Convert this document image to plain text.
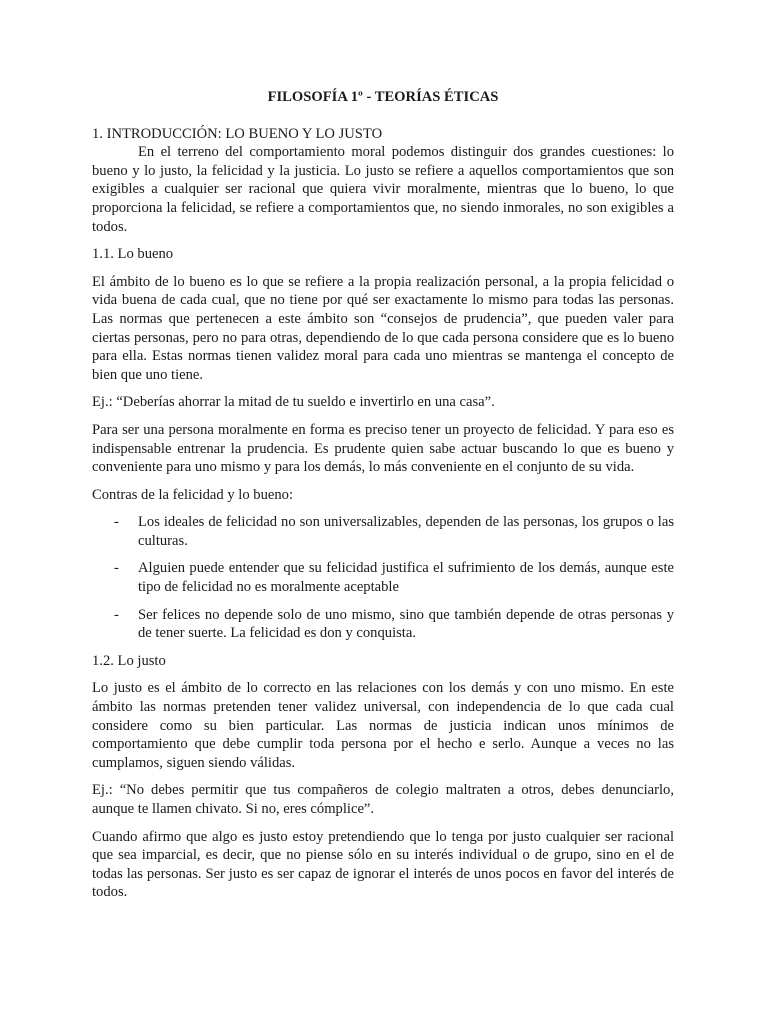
FILOSOFÍA 1º - TEORÍAS ÉTICAS
1. INTRODUCCIÓN: LO BUENO Y LO JUSTO
En el terreno del comportamiento moral podemos distinguir dos grandes cuestiones: lo bueno y lo justo, la felicidad y la justicia. Lo justo se refiere a aquellos comportamientos que son exigibles a cualquier ser racional que quiera vivir moralmente, mientras que lo bueno, lo que proporciona la felicidad, se refiere a comportamientos que, no siendo inmorales, no son exigibles a todos.
1.1. Lo bueno
El ámbito de lo bueno es lo que se refiere a la propia realización personal, a la propia felicidad o vida buena de cada cual, que no tiene por qué ser exactamente lo mismo para todas las personas. Las normas que pertenecen a este ámbito son “consejos de prudencia”, que pueden valer para ciertas personas, pero no para otras, dependiendo de lo que cada persona considere que es lo bueno para ella. Estas normas tienen validez moral para cada uno mientras se mantenga el concepto de bien que uno tiene.
Ej.: “Deberías ahorrar la mitad de tu sueldo e invertirlo en una casa”.
Para ser una persona moralmente en forma es preciso tener un proyecto de felicidad. Y para eso es indispensable entrenar la prudencia. Es prudente quien sabe actuar buscando lo que es bueno y conveniente para uno mismo y para los demás, lo más conveniente en el conjunto de su vida.
Contras de la felicidad y lo bueno:
- Los ideales de felicidad no son universalizables, dependen de las personas, los grupos o las culturas.
- Alguien puede entender que su felicidad justifica el sufrimiento de los demás, aunque este tipo de felicidad no es moralmente aceptable
- Ser felices no depende solo de uno mismo, sino que también depende de otras personas y de tener suerte. La felicidad es don y conquista.
1.2. Lo justo
Lo justo es el ámbito de lo correcto en las relaciones con los demás y con uno mismo. En este ámbito las normas pretenden tener validez universal, con independencia de lo que cada cual considere como su bien particular. Las normas de justicia indican unos mínimos de comportamiento que debe cumplir toda persona por el hecho e serlo. Aunque a veces no las cumplamos, siguen siendo válidas.
Ej.: “No debes permitir que tus compañeros de colegio maltraten a otros, debes denunciarlo, aunque te llamen chivato. Si no, eres cómplice”.
Cuando afirmo que algo es justo estoy pretendiendo que lo tenga por justo cualquier ser racional que sea imparcial, es decir, que no piense sólo en su interés individual o de grupo, sino en el de todas las personas. Ser justo es ser capaz de ignorar el interés de unos pocos en favor del interés de todos.
